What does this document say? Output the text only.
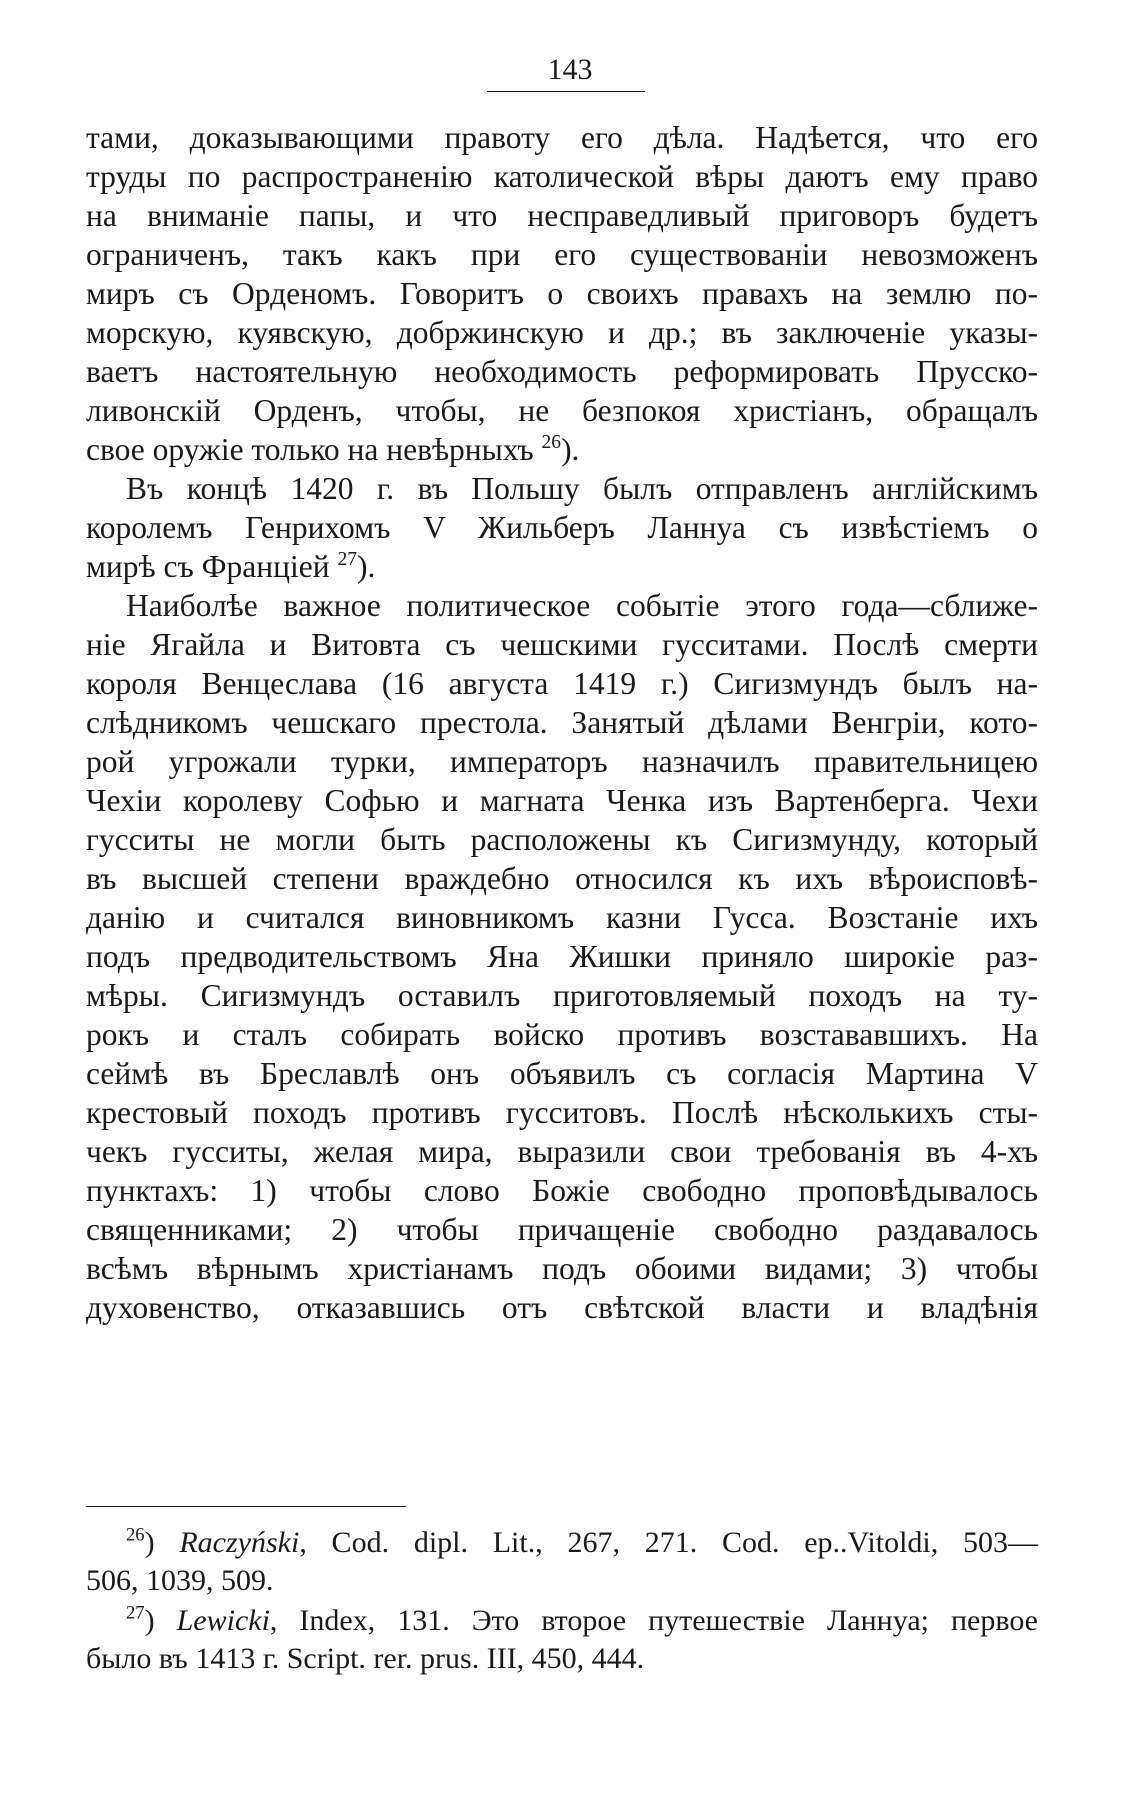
143
тами, доказывающими правоту его дѣла. Надѣется, что его
труды по распространенію католической вѣры даютъ ему право
на вниманіе папы, и что несправедливый приговоръ будетъ
ограниченъ, такъ какъ при его существованіи невозможенъ
миръ съ Орденомъ. Говоритъ о своихъ правахъ на землю по-
морскую, куявскую, добржинскую и др.; въ заключеніе указы-
ваетъ настоятельную необходимость реформировать Прусско-
ливонскій Орденъ, чтобы, не безпокоя христіанъ, обращалъ
свое оружіе только на невѣрныхъ $^{26}$).
Въ концѣ 1420 г. въ Польшу былъ отправленъ англійскимъ
королемъ Генрихомъ V Жильберъ Ланнуа съ извѣстіемъ о
мирѣ съ Франціей $^{27}$).
Наиболѣе важное политическое событіе этого года—сближе-
ніе Ягайла и Витовта съ чешскими гусситами. Послѣ смерти
короля Венцеслава (16 августа 1419 г.) Сигизмундъ былъ на-
слѣдникомъ чешскаго престола. Занятый дѣлами Венгріи, кото-
рой угрожали турки, императоръ назначилъ правительницею
Чехіи королеву Софью и магната Ченка изъ Вартенберга. Чехи
гусситы не могли быть расположены къ Сигизмунду, который
въ высшей степени враждебно относился къ ихъ вѣроисповѣ-
данію и считался виновникомъ казни Гусса. Возстаніе ихъ
подъ предводительствомъ Яна Жишки приняло широкіе раз-
мѣры. Сигизмундъ оставилъ приготовляемый походъ на ту-
рокъ и сталъ собирать войско противъ возстававшихъ. На
сеймѣ въ Бреславлѣ онъ объявилъ съ согласія Мартина V
крестовый походъ противъ гусситовъ. Послѣ нѣсколькихъ сты-
чекъ гусситы, желая мира, выразили свои требованія въ 4-хъ
пунктахъ: 1) чтобы слово Божіе свободно проповѣдывалось
священниками; 2) чтобы причащеніе свободно раздавалось
всѣмъ вѣрнымъ христіанамъ подъ обоими видами; 3) чтобы
духовенство, отказавшись отъ свѣтской власти и владѣнія
$^{26}$) Raczyński, Cod. dipl. Lit., 267, 271. Cod. ep..Vitoldi, 503—
506, 1039, 509.
$^{27}$) Lewicki, Index, 131. Это второе путешествіе Ланнуа; первое
было въ 1413 г. Script. rer. prus. III, 450, 444.
